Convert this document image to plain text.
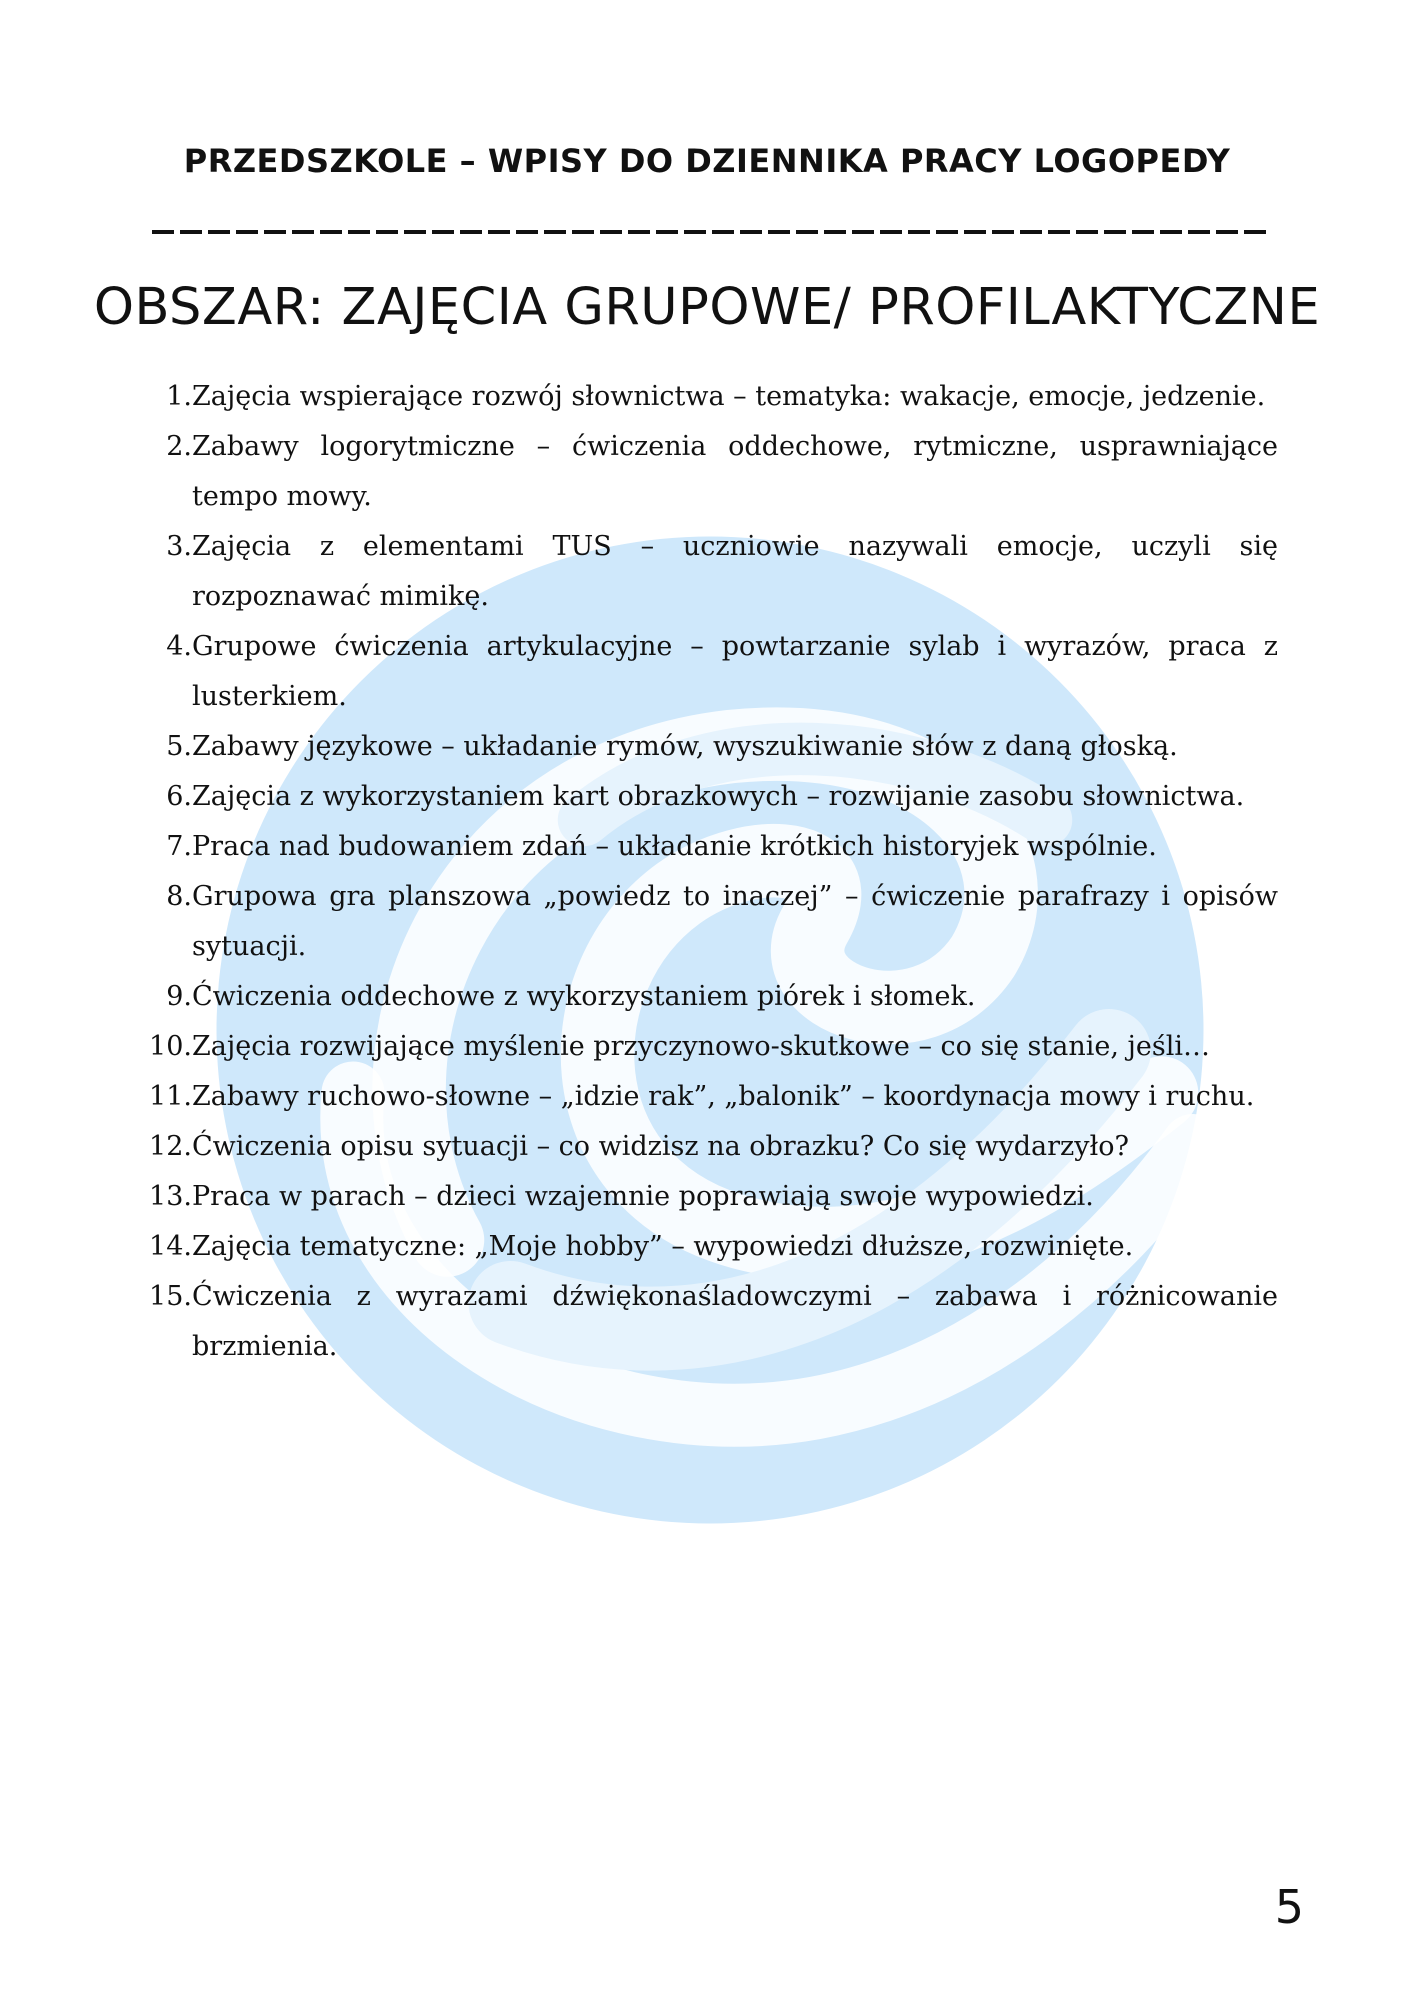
PRZEDSZKOLE – WPISY DO DZIENNIKA PRACY LOGOPEDY
OBSZAR: ZAJĘCIA GRUPOWE/ PROFILAKTYCZNE
1. Zajęcia wspierające rozwój słownictwa – tematyka: wakacje, emocje, jedzenie.
2. Zabawy logorytmiczne – ćwiczenia oddechowe, rytmiczne, usprawniające tempo mowy.
3. Zajęcia z elementami TUS – uczniowie nazywali emocje, uczyli się rozpoznawać mimikę.
4. Grupowe ćwiczenia artykulacyjne – powtarzanie sylab i wyrazów, praca z lusterkiem.
5. Zabawy językowe – układanie rymów, wyszukiwanie słów z daną głoską.
6. Zajęcia z wykorzystaniem kart obrazkowych – rozwijanie zasobu słownictwa.
7. Praca nad budowaniem zdań – układanie krótkich historyjek wspólnie.
8. Grupowa gra planszowa „powiedz to inaczej” – ćwiczenie parafrazy i opisów sytuacji.
9. Ćwiczenia oddechowe z wykorzystaniem piórek i słomek.
10. Zajęcia rozwijające myślenie przyczynowo-skutkowe – co się stanie, jeśli…
11. Zabawy ruchowo-słowne – „idzie rak”, „balonik” – koordynacja mowy i ruchu.
12. Ćwiczenia opisu sytuacji – co widzisz na obrazku? Co się wydarzyło?
13. Praca w parach – dzieci wzajemnie poprawiają swoje wypowiedzi.
14. Zajęcia tematyczne: „Moje hobby” – wypowiedzi dłuższe, rozwinięte.
15. Ćwiczenia z wyrazami dźwiękonaśladowczymi – zabawa i różnicowanie brzmienia.
5
